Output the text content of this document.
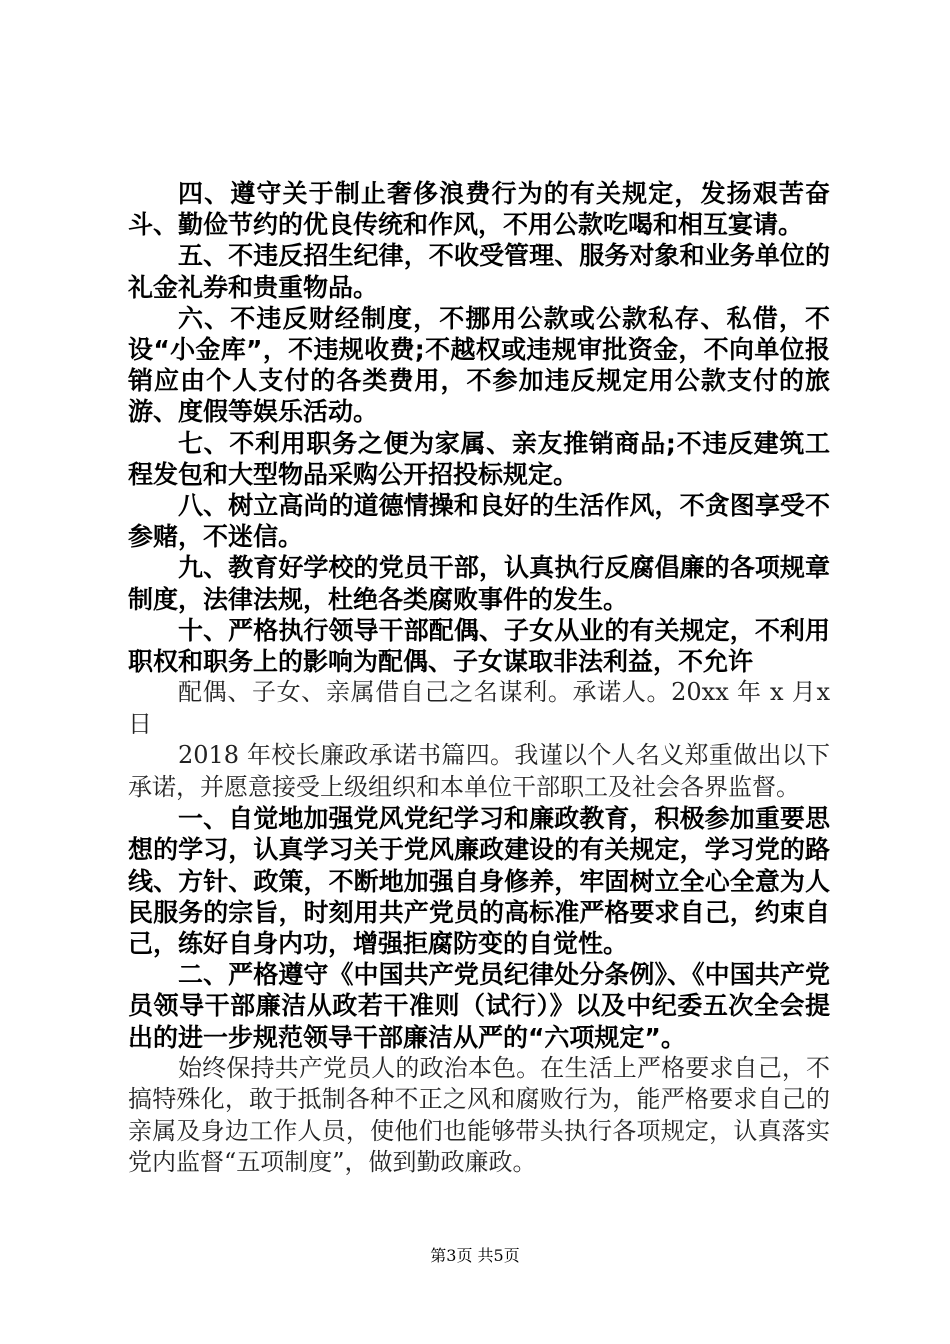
四、遵守关于制止奢侈浪费行为的有关规定，发扬艰苦奋斗、勤俭节约的优良传统和作风，不用公款吃喝和相互宴请。

五、不违反招生纪律，不收受管理、服务对象和业务单位的礼金礼券和贵重物品。

六、不违反财经制度，不挪用公款或公款私存、私借，不设“小金库”，不违规收费;不越权或违规审批资金，不向单位报销应由个人支付的各类费用，不参加违反规定用公款支付的旅游、度假等娱乐活动。

七、不利用职务之便为家属、亲友推销商品;不违反建筑工程发包和大型物品采购公开招投标规定。

八、树立高尚的道德情操和良好的生活作风，不贪图享受不参赌，不迷信。

九、教育好学校的党员干部，认真执行反腐倡廉的各项规章制度，法律法规，杜绝各类腐败事件的发生。

十、严格执行领导干部配偶、子女从业的有关规定，不利用职权和职务上的影响为配偶、子女谋取非法利益，不允许

配偶、子女、亲属借自己之名谋利。承诺人。20xx 年 x 月x 日

2018 年校长廉政承诺书篇四。我谨以个人名义郑重做出以下承诺，并愿意接受上级组织和本单位干部职工及社会各界监督。

一、自觉地加强党风党纪学习和廉政教育，积极参加重要思想的学习，认真学习关于党风廉政建设的有关规定，学习党的路线、方针、政策，不断地加强自身修养，牢固树立全心全意为人民服务的宗旨，时刻用共产党员的高标准严格要求自己，约束自己，练好自身内功，增强拒腐防变的自觉性。

二、严格遵守《中国共产党员纪律处分条例》、《中国共产党员领导干部廉洁从政若干准则（试行）》以及中纪委五次全会提出的进一步规范领导干部廉洁从严的“六项规定”。

始终保持共产党员人的政治本色。在生活上严格要求自己，不搞特殊化，敢于抵制各种不正之风和腐败行为，能严格要求自己的亲属及身边工作人员，使他们也能够带头执行各项规定，认真落实党内监督“五项制度”，做到勤政廉政。

第3页 共5页
